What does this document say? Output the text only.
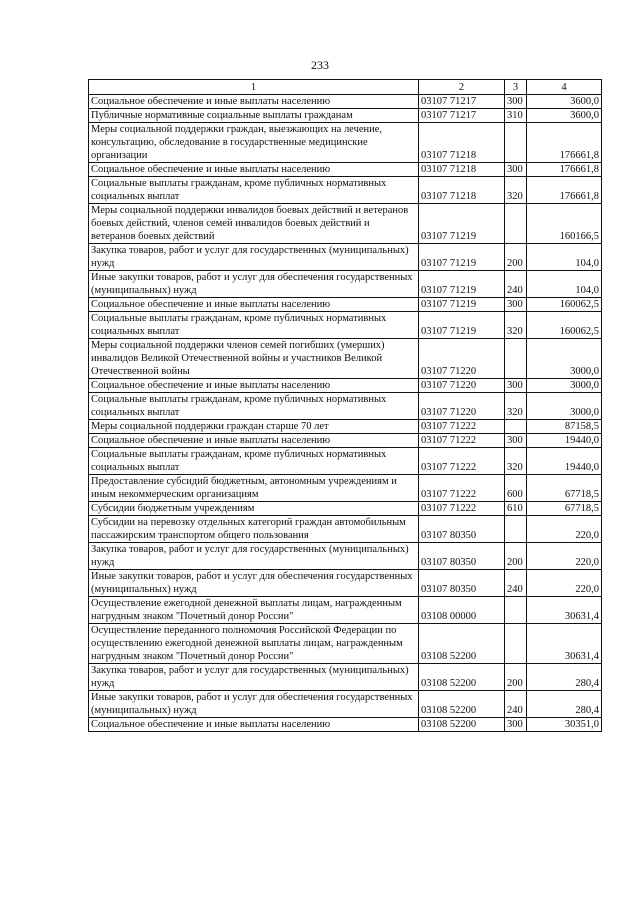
233
1	2	3	4
Социальное обеспечение и иные выплаты населению	03107 71217	300	3600,0
Публичные нормативные социальные выплаты гражданам	03107 71217	310	3600,0
Меры социальной поддержки граждан, выезжающих на лечение, консультацию, обследование в государственные медицинские организации	03107 71218		176661,8
Социальное обеспечение и иные выплаты населению	03107 71218	300	176661,8
Социальные выплаты гражданам, кроме публичных нормативных социальных выплат	03107 71218	320	176661,8
Меры социальной поддержки инвалидов боевых действий и ветеранов боевых действий, членов семей инвалидов боевых действий и ветеранов боевых действий	03107 71219		160166,5
Закупка товаров, работ и услуг для государственных (муниципальных) нужд	03107 71219	200	104,0
Иные закупки товаров, работ и услуг для обеспечения государственных (муниципальных) нужд	03107 71219	240	104,0
Социальное обеспечение и иные выплаты населению	03107 71219	300	160062,5
Социальные выплаты гражданам, кроме публичных нормативных социальных выплат	03107 71219	320	160062,5
Меры социальной поддержки членов семей погибших (умерших) инвалидов Великой Отечественной войны и участников Великой Отечественной войны	03107 71220		3000,0
Социальное обеспечение и иные выплаты населению	03107 71220	300	3000,0
Социальные выплаты гражданам, кроме публичных нормативных социальных выплат	03107 71220	320	3000,0
Меры социальной поддержки граждан старше 70 лет	03107 71222		87158,5
Социальное обеспечение и иные выплаты населению	03107 71222	300	19440,0
Социальные выплаты гражданам, кроме публичных нормативных социальных выплат	03107 71222	320	19440,0
Предоставление субсидий бюджетным, автономным учреждениям и иным некоммерческим организациям	03107 71222	600	67718,5
Субсидии бюджетным учреждениям	03107 71222	610	67718,5
Субсидии на перевозку отдельных категорий граждан автомобильным пассажирским транспортом общего пользования	03107 80350		220,0
Закупка товаров, работ и услуг для государственных (муниципальных) нужд	03107 80350	200	220,0
Иные закупки товаров, работ и услуг для обеспечения государственных (муниципальных) нужд	03107 80350	240	220,0
Осуществление ежегодной денежной выплаты лицам, награжденным нагрудным знаком "Почетный донор России"	03108 00000		30631,4
Осуществление переданного полномочия Российской Федерации по осуществлению ежегодной денежной выплаты лицам, награжденным нагрудным знаком "Почетный донор России"	03108 52200		30631,4
Закупка товаров, работ и услуг для государственных (муниципальных) нужд	03108 52200	200	280,4
Иные закупки товаров, работ и услуг для обеспечения государственных (муниципальных) нужд	03108 52200	240	280,4
Социальное обеспечение и иные выплаты населению	03108 52200	300	30351,0
